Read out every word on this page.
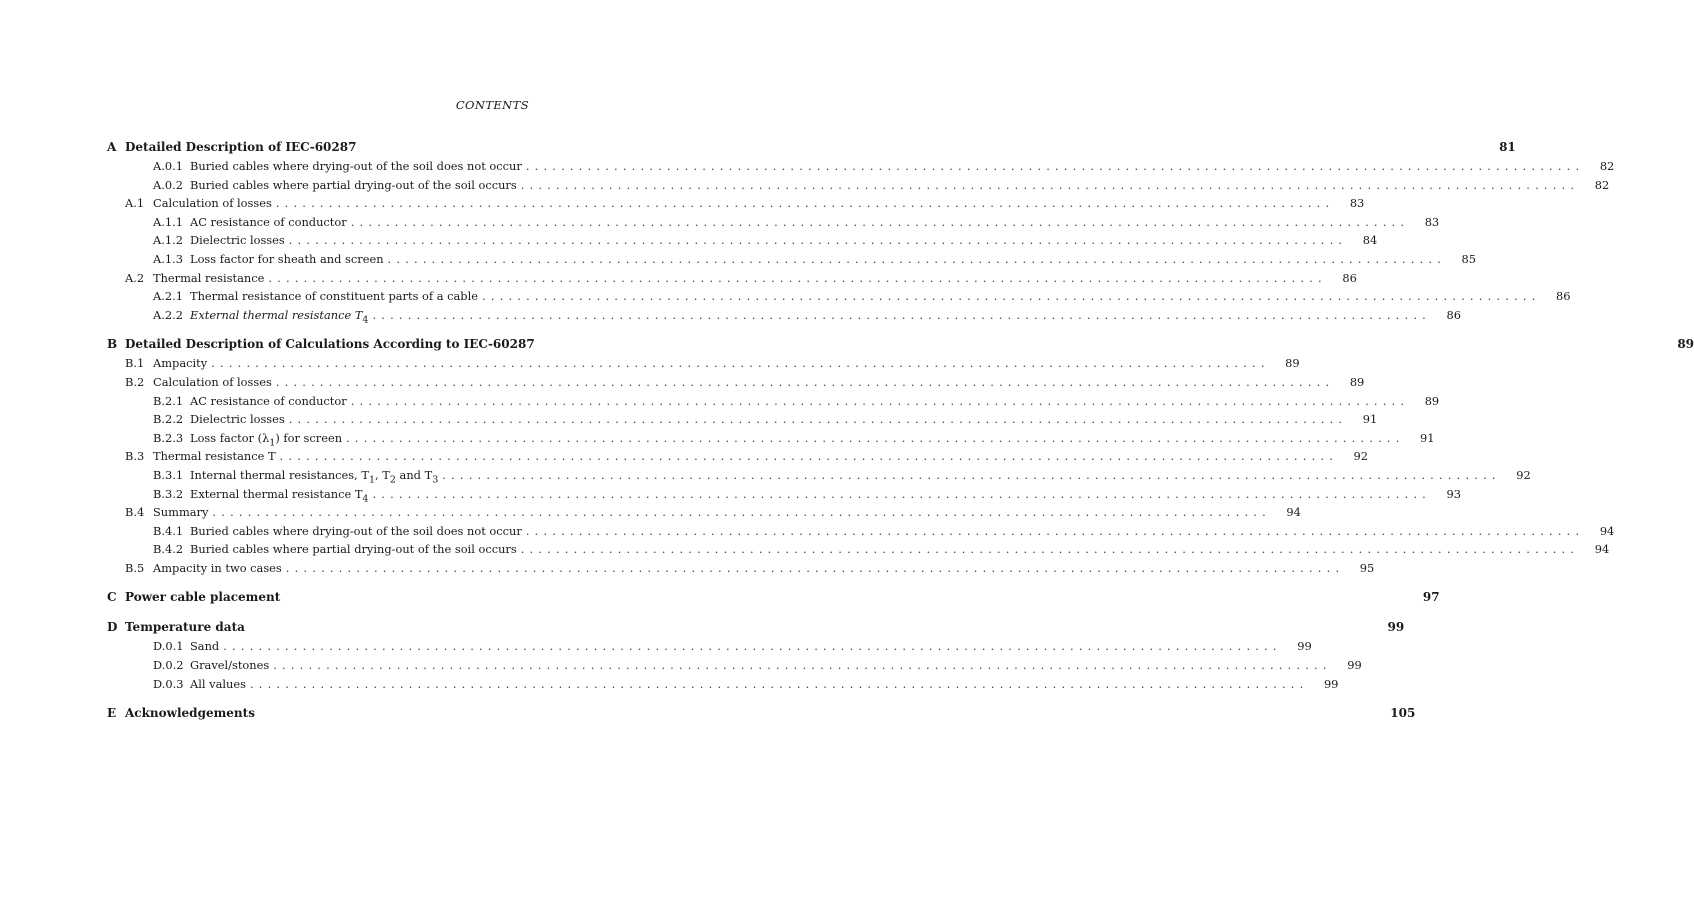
CONTENTS
A Detailed Description of IEC-60287	81
A.0.1 Buried cables where drying-out of the soil does not occur ........................................................................................................................	82
A.0.2 Buried cables where partial drying-out of the soil occurs ........................................................................................................................	82
A.1 Calculation of losses ........................................................................................................................	83
A.1.1 AC resistance of conductor ........................................................................................................................	83
A.1.2 Dielectric losses ........................................................................................................................	84
A.1.3 Loss factor for sheath and screen ........................................................................................................................	85
A.2 Thermal resistance ........................................................................................................................	86
A.2.1 Thermal resistance of constituent parts of a cable ........................................................................................................................	86
A.2.2 External thermal resistance $T_4$ ........................................................................................................................	86
B Detailed Description of Calculations According to IEC-60287	89
B.1 Ampacity ........................................................................................................................	89
B.2 Calculation of losses ........................................................................................................................	89
B.2.1 AC resistance of conductor ........................................................................................................................	89
B.2.2 Dielectric losses ........................................................................................................................	91
B.2.3 Loss factor $(\lambda_1)$ for screen ........................................................................................................................	91
B.3 Thermal resistance T ........................................................................................................................	92
B.3.1 Internal thermal resistances, $T_1$, $T_2$ and $T_3$ ........................................................................................................................	92
B.3.2 External thermal resistance $T_4$ ........................................................................................................................	93
B.4 Summary ........................................................................................................................	94
B.4.1 Buried cables where drying-out of the soil does not occur ........................................................................................................................	94
B.4.2 Buried cables where partial drying-out of the soil occurs ........................................................................................................................	94
B.5 Ampacity in two cases ........................................................................................................................	95
C Power cable placement	97
D Temperature data	99
D.0.1 Sand ........................................................................................................................	99
D.0.2 Gravel/stones ........................................................................................................................	99
D.0.3 All values ........................................................................................................................	99
E Acknowledgements	105
